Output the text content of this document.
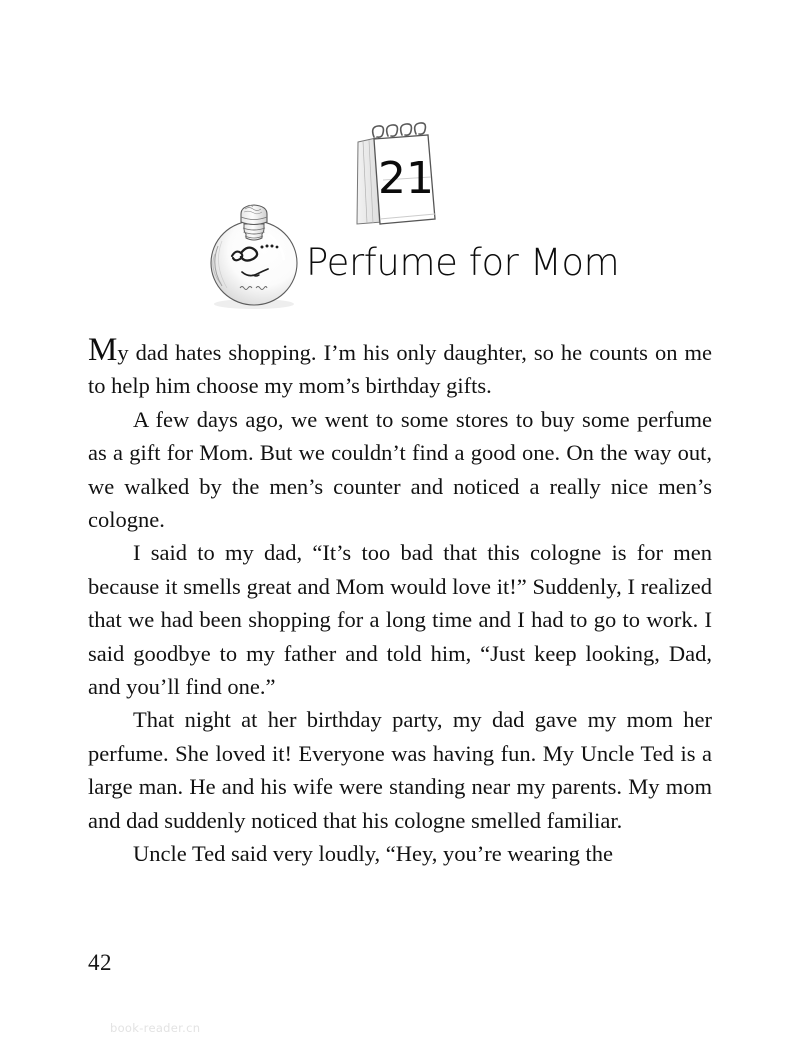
21
Perfume for Mom

My dad hates shopping. I’m his only daughter, so he counts on me to help him choose my mom’s birthday gifts.

A few days ago, we went to some stores to buy some perfume as a gift for Mom. But we couldn’t find a good one. On the way out, we walked by the men’s counter and noticed a really nice men’s cologne.

I said to my dad, “It’s too bad that this cologne is for men because it smells great and Mom would love it!” Suddenly, I realized that we had been shopping for a long time and I had to go to work. I said goodbye to my father and told him, “Just keep looking, Dad, and you’ll find one.”

That night at her birthday party, my dad gave my mom her perfume. She loved it! Everyone was having fun. My Uncle Ted is a large man. He and his wife were standing near my parents. My mom and dad suddenly noticed that his cologne smelled familiar.

Uncle Ted said very loudly, “Hey, you’re wearing the

42
book-reader.cn
